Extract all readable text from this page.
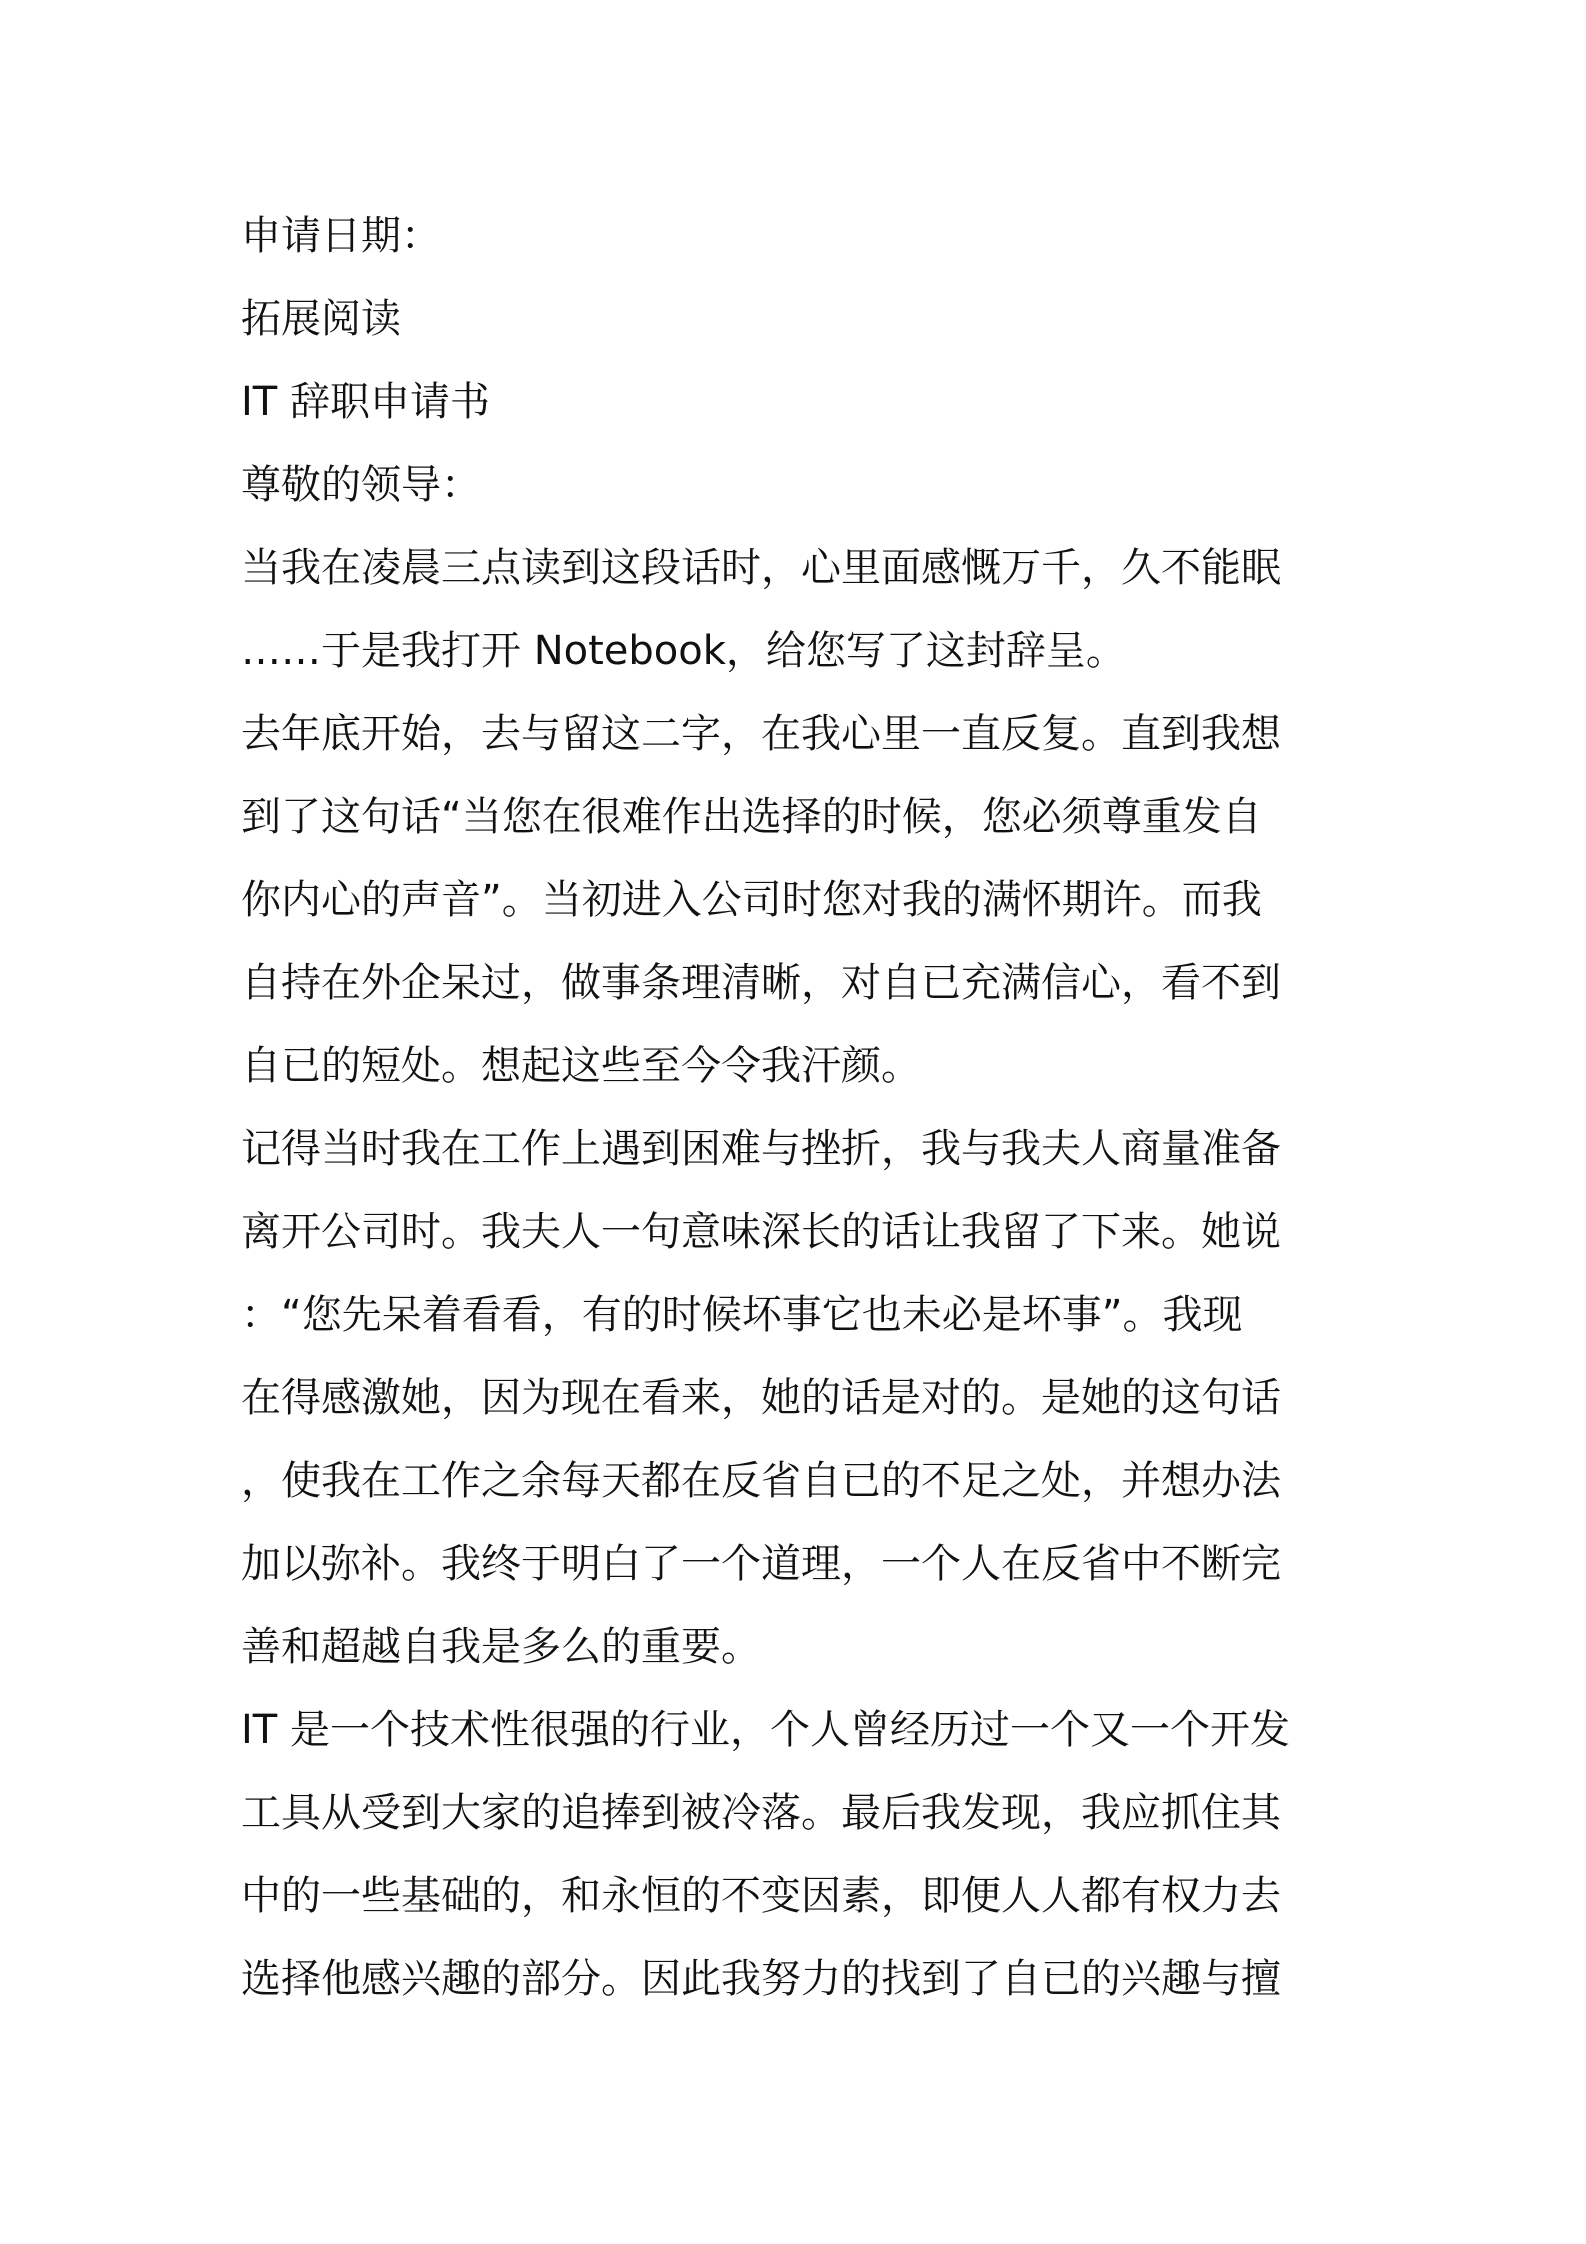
申请日期：
拓展阅读
IT 辞职申请书
尊敬的领导：
当我在凌晨三点读到这段话时，心里面感慨万千，久不能眠
……于是我打开 Notebook，给您写了这封辞呈。
去年底开始，去与留这二字，在我心里一直反复。直到我想
到了这句话“当您在很难作出选择的时候，您必须尊重发自
你内心的声音”。当初进入公司时您对我的满怀期许。而我
自持在外企呆过，做事条理清晰，对自已充满信心，看不到
自已的短处。想起这些至今令我汗颜。
记得当时我在工作上遇到困难与挫折，我与我夫人商量准备
离开公司时。我夫人一句意味深长的话让我留了下来。她说
：“您先呆着看看，有的时候坏事它也未必是坏事”。我现
在得感激她，因为现在看来，她的话是对的。是她的这句话
，使我在工作之余每天都在反省自已的不足之处，并想办法
加以弥补。我终于明白了一个道理，一个人在反省中不断完
善和超越自我是多么的重要。
IT 是一个技术性很强的行业，个人曾经历过一个又一个开发
工具从受到大家的追捧到被冷落。最后我发现，我应抓住其
中的一些基础的，和永恒的不变因素，即便人人都有权力去
选择他感兴趣的部分。因此我努力的找到了自已的兴趣与擅
